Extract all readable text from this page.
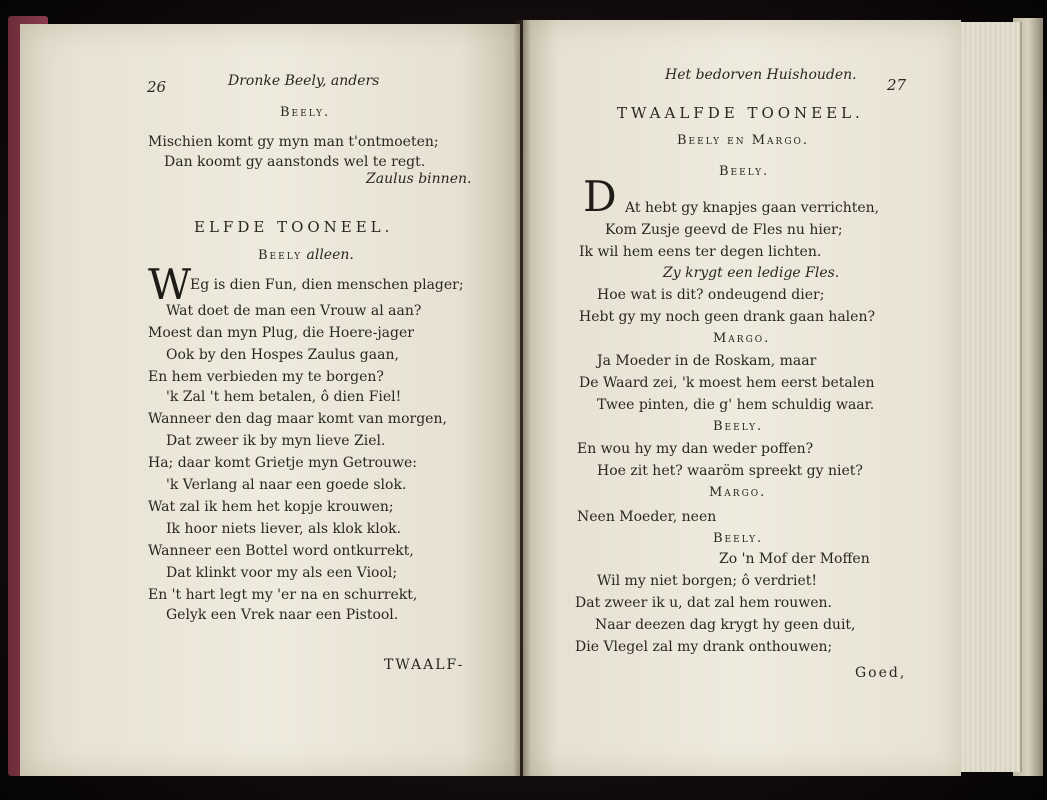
26	Dronke Beely, anders
Beely.
Mischien komt gy myn man t'ontmoeten;
Dan koomt gy aanstonds wel te regt.
Zaulus binnen.
ELFDE TOONEEL.
Beely alleen.
W
Eg is dien Fun, dien menschen plager;
Wat doet de man een Vrouw al aan?
Moest dan myn Plug, die Hoere-jager
Ook by den Hospes Zaulus gaan,
En hem verbieden my te borgen?
'k Zal 't hem betalen, ô dien Fiel!
Wanneer den dag maar komt van morgen,
Dat zweer ik by myn lieve Ziel.
Ha; daar komt Grietje myn Getrouwe:
'k Verlang al naar een goede slok.
Wat zal ik hem het kopje krouwen;
Ik hoor niets liever, als klok klok.
Wanneer een Bottel word ontkurrekt,
Dat klinkt voor my als een Viool;
En 't hart legt my 'er na en schurrekt,
Gelyk een Vrek naar een Pistool.
TWAALF-
Het bedorven Huishouden.
27
TWAALFDE TOONEEL.
Beely en Margo.
Beely.
D At hebt gy knapjes gaan verrichten,
Kom Zusje geevd de Fles nu hier;
Ik wil hem eens ter degen lichten.
Zy krygt een ledige Fles.
Hoe wat is dit? ondeugend dier;
Hebt gy my noch geen drank gaan halen?
Margo.
Ja Moeder in de Roskam, maar
De Waard zei, 'k moest hem eerst betalen
Twee pinten, die g' hem schuldig waar.
Beely.
En wou hy my dan weder poffen?
Hoe zit het? waaröm spreekt gy niet?
Margo.
Neen Moeder, neen
Beely.
Zo 'n Mof der Moffen
Wil my niet borgen; ô verdriet!
Dat zweer ik u, dat zal hem rouwen.
Naar deezen dag krygt hy geen duit,
Die Vlegel zal my drank onthouwen;
Goed,
